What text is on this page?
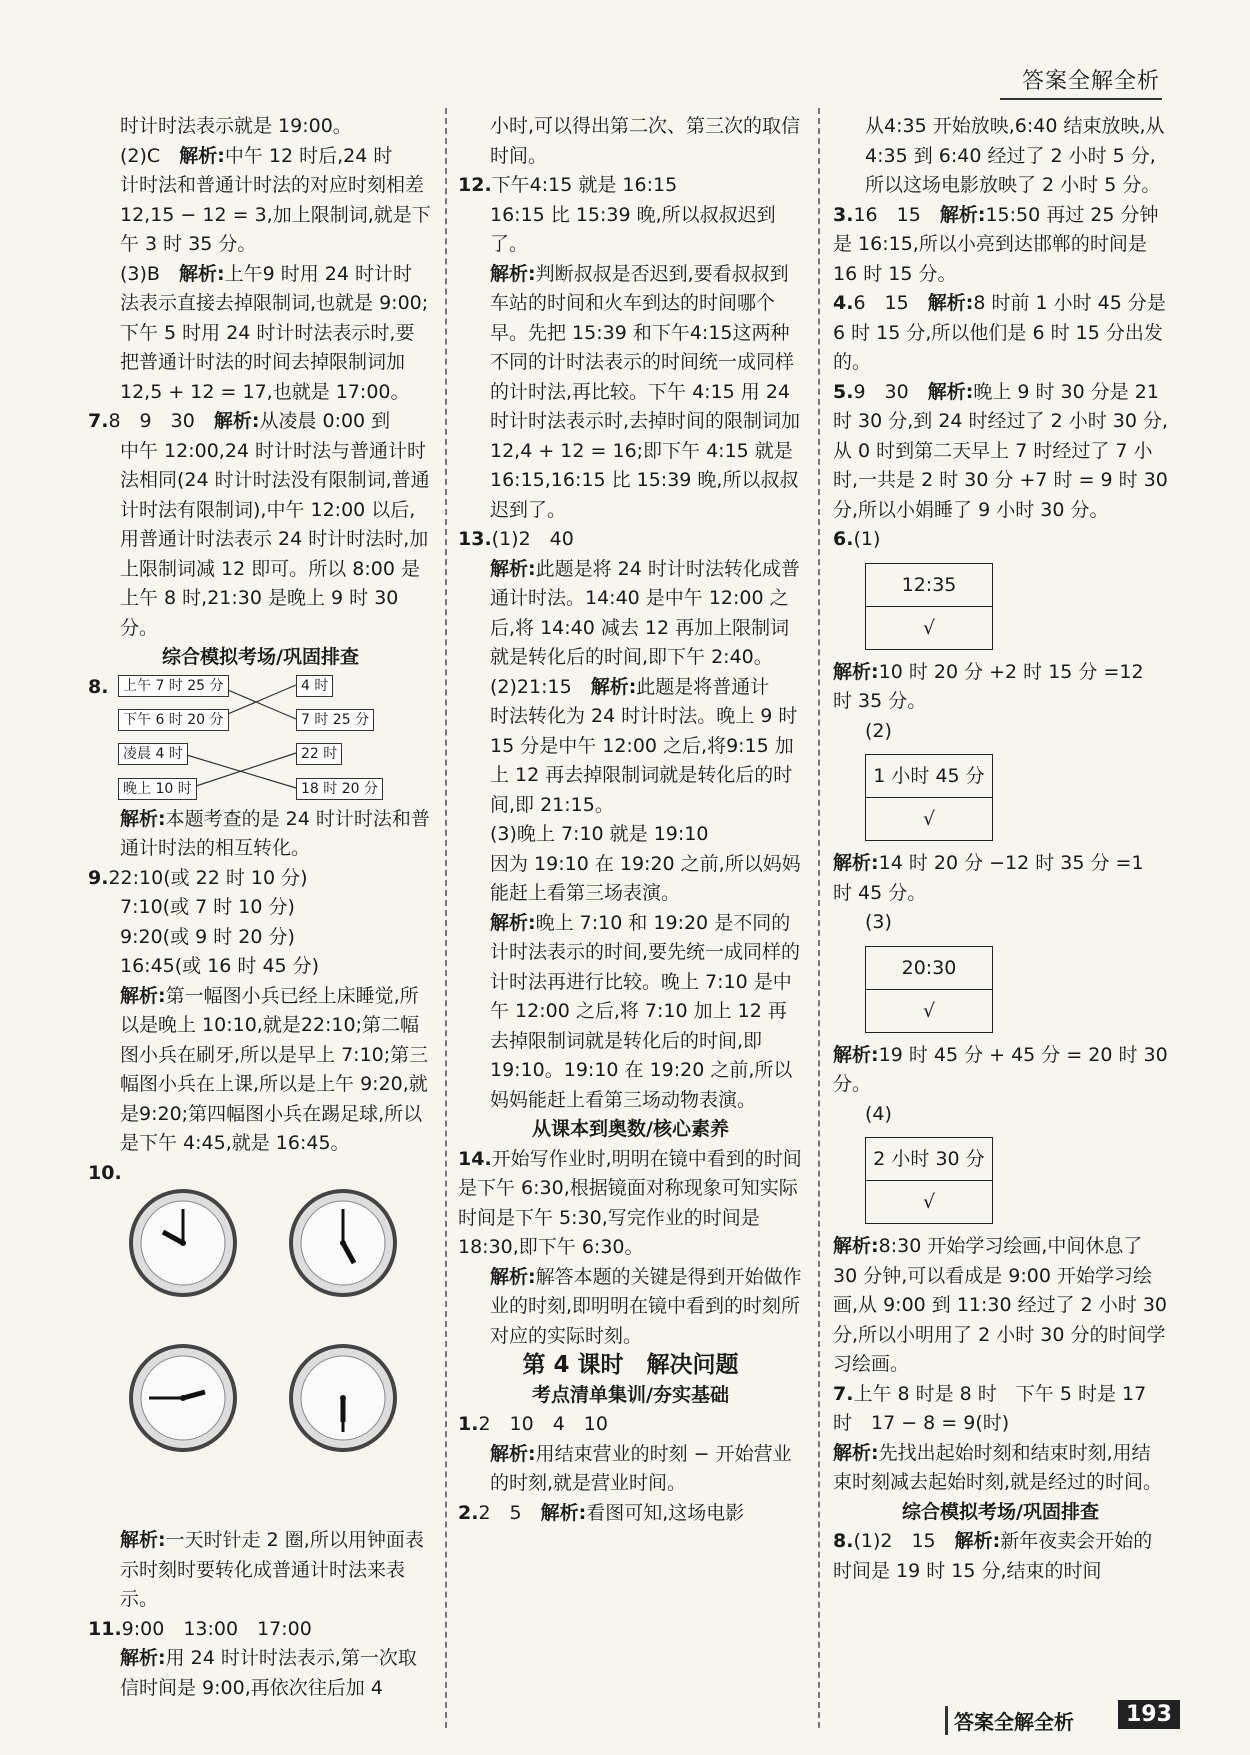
答案全解全析

时计时法表示就是 19:00。

(2)C　 解析:中午 12 时后,24 时

计时法和普通计时法的对应时刻相差 12,15 − 12 = 3,加上限制词,就是下午 3 时 35 分。

(3)B　 解析:上午9 时用 24 时计时

法表示直接去掉限制词,也就是 9:00;下午 5 时用 24 时计时法表示时,要把普通计时法的时间去掉限制词加 12,5 + 12 = 17,也就是 17:00。

7.8　9　30　 解析:从凌晨 0:00 到

中午 12:00,24 时计时法与普通计时法相同(24 时计时法没有限制词,普通计时法有限制词),中午 12:00 以后,用普通计时法表示 24 时计时法时,加上限制词减 12 即可。所以 8:00 是上午 8 时,21:30 是晚上 9 时 30 分。

综合模拟考场/巩固排查

8.	上午 7 时 25 分
下午 6 时 20 分
凌晨 4 时
晚上 10 时
4 时
7 时 25 分
22 时
18 时 20 分

解析:本题考查的是 24 时计时法和普通计时法的相互转化。

9.22:10(或 22 时 10 分)

7:10(或 7 时 10 分)

9:20(或 9 时 20 分)

16:45(或 16 时 45 分)

解析:第一幅图小兵已经上床睡觉,所以是晚上 10:10,就是22:10;第二幅图小兵在刷牙,所以是早上 7:10;第三幅图小兵在上课,所以是上午 9:20,就是9:20;第四幅图小兵在踢足球,所以是下午 4:45,就是 16:45。

10.

解析:一天时针走 2 圈,所以用钟面表示时刻时要转化成普通计时法来表示。

11.9:00　13:00　17:00

解析:用 24 时计时法表示,第一次取信时间是 9:00,再依次往后加 4

小时,可以得出第二次、第三次的取信时间。

12.下午4:15 就是 16:15

16:15 比 15:39 晚,所以叔叔迟到了。

解析:判断叔叔是否迟到,要看叔叔到车站的时间和火车到达的时间哪个早。先把 15:39 和下午4:15这两种不同的计时法表示的时间统一成同样的计时法,再比较。下午 4:15 用 24 时计时法表示时,去掉时间的限制词加 12,4 + 12 = 16;即下午 4:15 就是 16:15,16:15 比 15:39 晚,所以叔叔迟到了。

13.(1)2　40

解析:此题是将 24 时计时法转化成普通计时法。14:40 是中午 12:00 之后,将 14:40 减去 12 再加上限制词就是转化后的时间,即下午 2:40。

(2)21:15　 解析:此题是将普通计

时法转化为 24 时计时法。晚上 9 时 15 分是中午 12:00 之后,将9:15 加上 12 再去掉限制词就是转化后的时间,即 21:15。

(3)晚上 7:10 就是 19:10

因为 19:10 在 19:20 之前,所以妈妈能赶上看第三场表演。

解析:晚上 7:10 和 19:20 是不同的计时法表示的时间,要先统一成同样的计时法再进行比较。晚上 7:10 是中午 12:00 之后,将 7:10 加上 12 再去掉限制词就是转化后的时间,即 19:10。19:10 在 19:20 之前,所以妈妈能赶上看第三场动物表演。

从课本到奥数/核心素养

14.开始写作业时,明明在镜中看到的时间是下午 6:30,根据镜面对称现象可知实际时间是下午 5:30,写完作业的时间是 18:30,即下午 6:30。

解析:解答本题的关键是得到开始做作业的时刻,即明明在镜中看到的时刻所对应的实际时刻。

第 4 课时　解决问题

考点清单集训/夯实基础

1.2　10　4　10

解析:用结束营业的时刻 − 开始营业的时刻,就是营业时间。

2.2　5　 解析:看图可知,这场电影

从4:35 开始放映,6:40 结束放映,从4:35 到 6:40 经过了 2 小时 5 分,所以这场电影放映了 2 小时 5 分。

3.16　15　 解析:15:50 再过 25 分钟是 16:15,所以小亮到达邯郸的时间是 16 时 15 分。

4.6　15　 解析:8 时前 1 小时 45 分是 6 时 15 分,所以他们是 6 时 15 分出发的。

5.9　30　 解析:晚上 9 时 30 分是 21 时 30 分,到 24 时经过了 2 小时 30 分,从 0 时到第二天早上 7 时经过了 7 小时,一共是 2 时 30 分 +7 时 = 9 时 30 分,所以小娟睡了 9 小时 30 分。

6.(1)

12:35
√

解析:10 时 20 分 +2 时 15 分 =12 时 35 分。

(2)

1 小时 45 分
√

解析:14 时 20 分 −12 时 35 分 =1 时 45 分。

(3)

20:30
√

解析:19 时 45 分 + 45 分 = 20 时 30 分。

(4)

2 小时 30 分
√

解析:8:30 开始学习绘画,中间休息了 30 分钟,可以看成是 9:00 开始学习绘画,从 9:00 到 11:30 经过了 2 小时 30 分,所以小明用了 2 小时 30 分的时间学习绘画。

7.上午 8 时是 8 时　下午 5 时是 17 时　17 − 8 = 9(时)

解析:先找出起始时刻和结束时刻,用结束时刻减去起始时刻,就是经过的时间。

综合模拟考场/巩固排查

8.(1)2　15　 解析:新年夜卖会开始的时间是 19 时 15 分,结束的时间

答案全解全析	193
